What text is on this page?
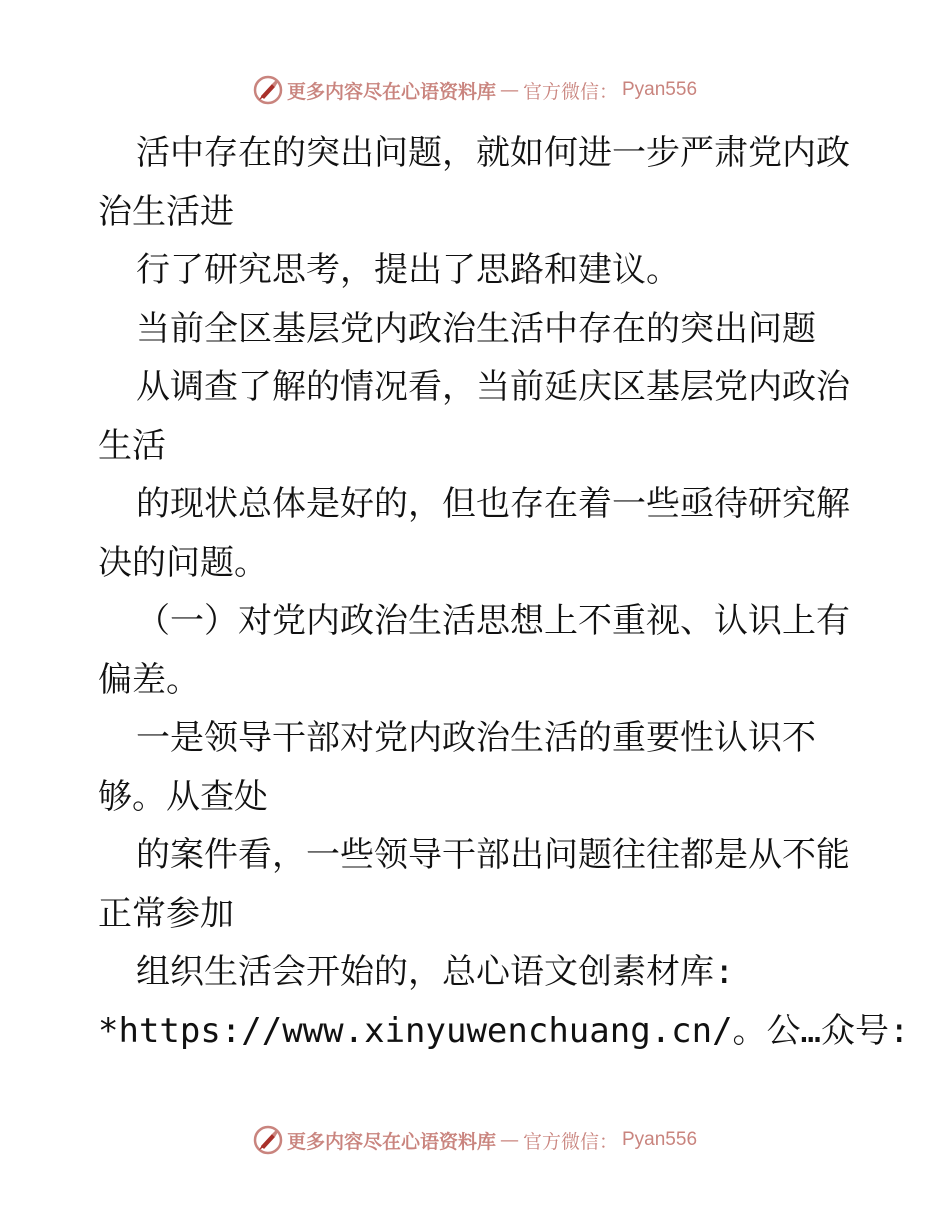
更多内容尽在心语资料库 — 官方微信： Pyan556
活中存在的突出问题，就如何进一步严肃党内政
治生活进
行了研究思考，提出了思路和建议。
当前全区基层党内政治生活中存在的突出问题
从调查了解的情况看，当前延庆区基层党内政治
生活
的现状总体是好的，但也存在着一些亟待研究解
决的问题。
（一）对党内政治生活思想上不重视、认识上有
偏差。
一是领导干部对党内政治生活的重要性认识不
够。从查处
的案件看，一些领导干部出问题往往都是从不能
正常参加
组织生活会开始的，总心语文创素材库:
*https://www.xinyuwenchuang.cn/。公…众号:
更多内容尽在心语资料库 — 官方微信： Pyan556
